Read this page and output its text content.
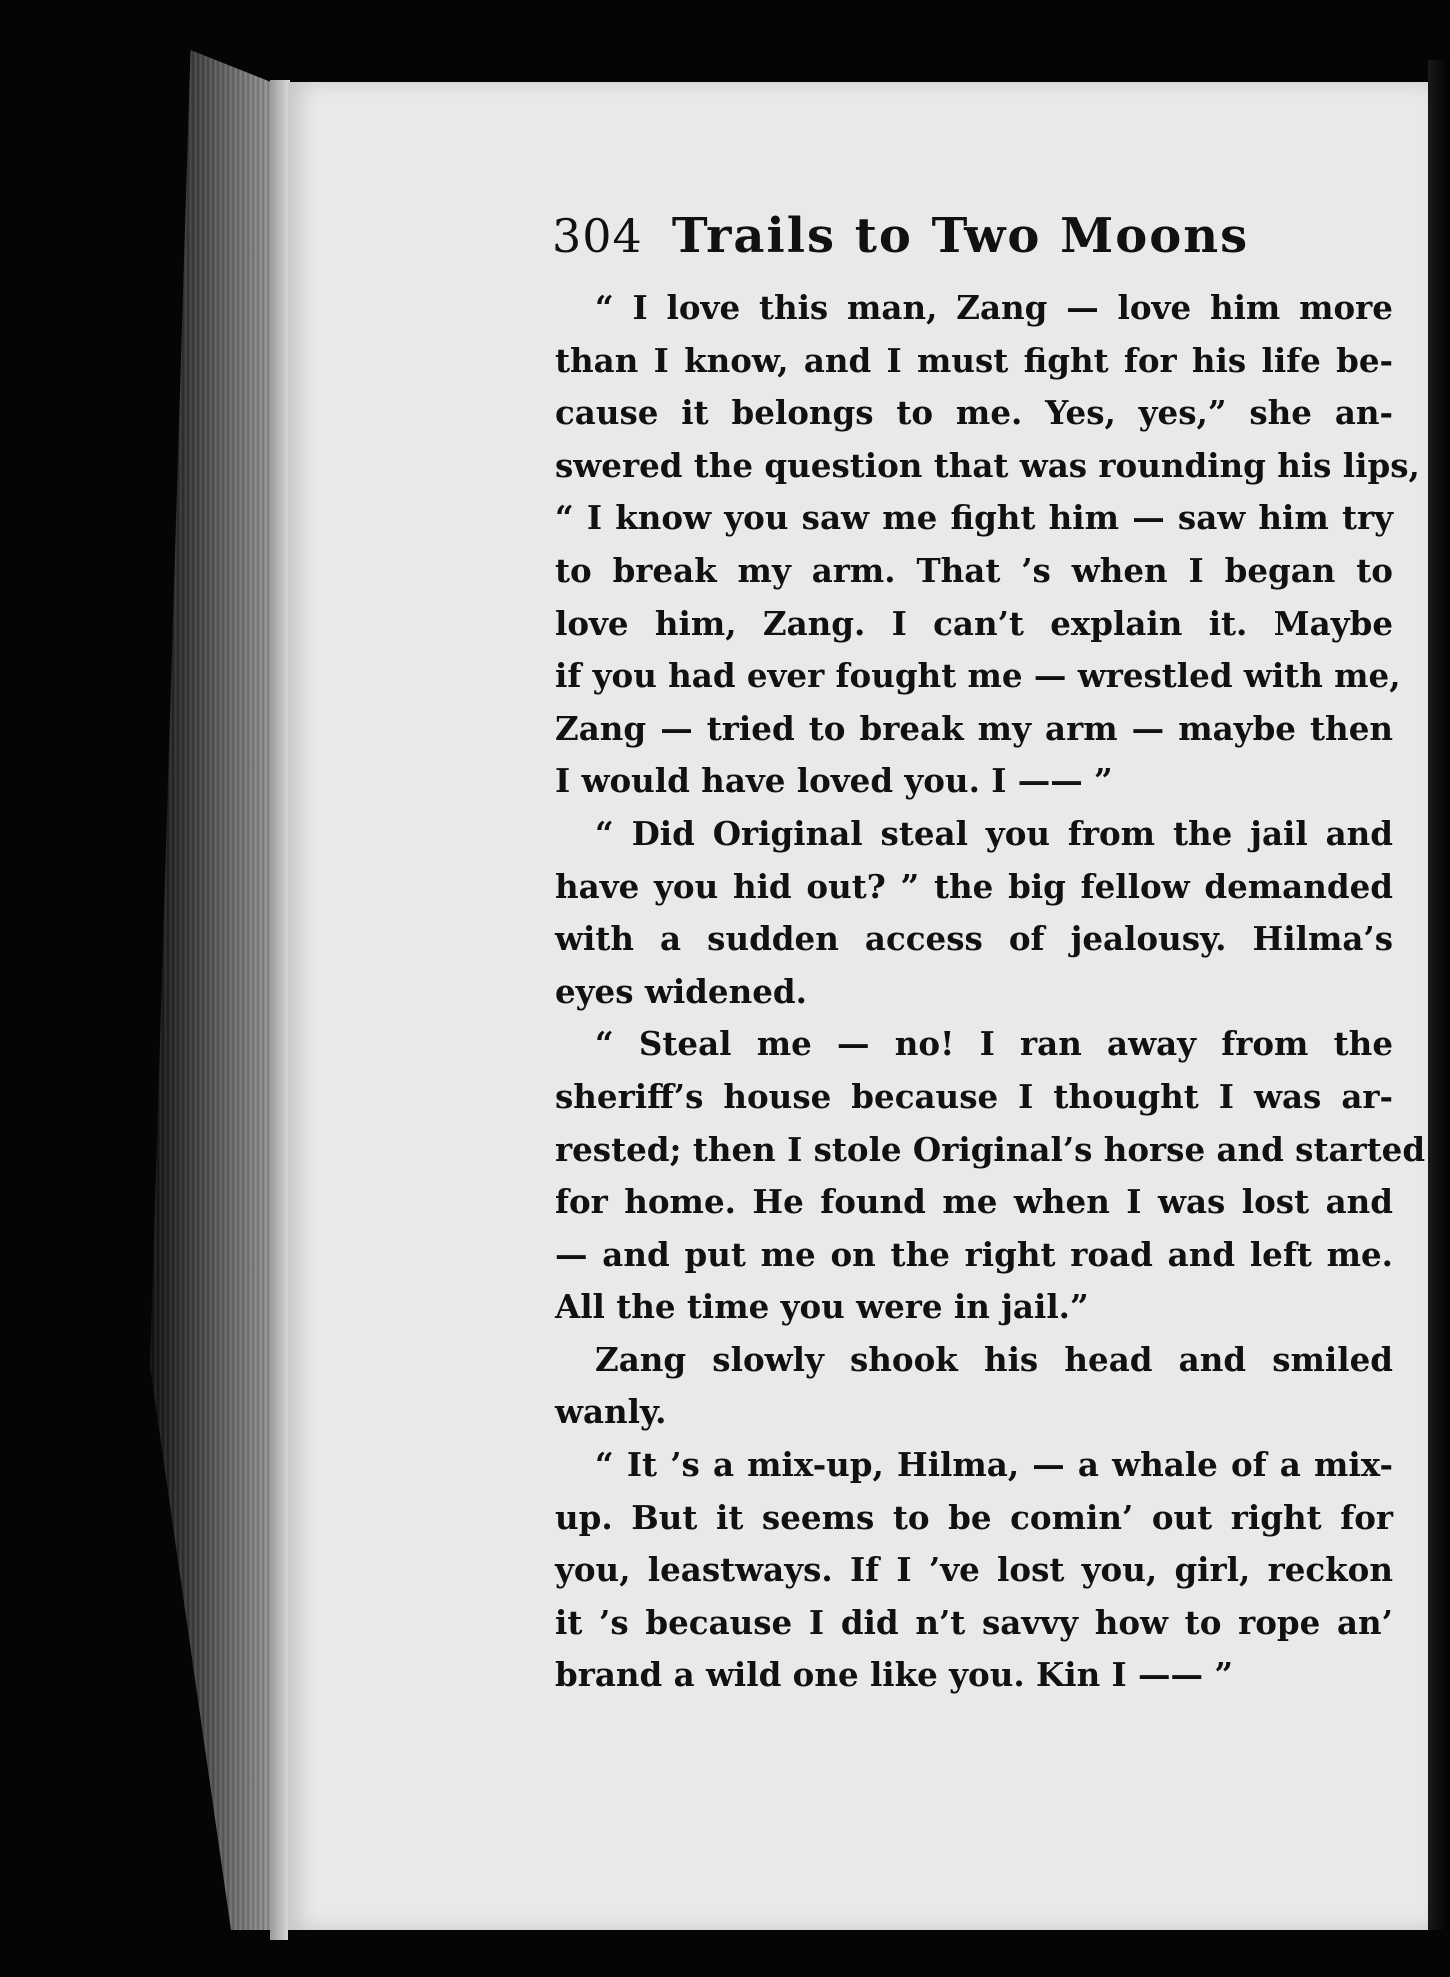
304 Trails to Two Moons
“ I love this man, Zang — love him more
than I know, and I must fight for his life be-
cause it belongs to me. Yes, yes,” she an-
swered the question that was rounding his lips,
“ I know you saw me fight him — saw him try
to break my arm. That ’s when I began to
love him, Zang. I can’t explain it. Maybe
if you had ever fought me — wrestled with me,
Zang — tried to break my arm — maybe then
I would have loved you. I —— ”
“ Did Original steal you from the jail and
have you hid out? ” the big fellow demanded
with a sudden access of jealousy. Hilma’s
eyes widened.
“ Steal me — no! I ran away from the
sheriff’s house because I thought I was ar-
rested; then I stole Original’s horse and started
for home. He found me when I was lost and
— and put me on the right road and left me.
All the time you were in jail.”
Zang slowly shook his head and smiled
wanly.
“ It ’s a mix-up, Hilma, — a whale of a mix-
up. But it seems to be comin’ out right for
you, leastways. If I ’ve lost you, girl, reckon
it ’s because I did n’t savvy how to rope an’
brand a wild one like you. Kin I —— ”
